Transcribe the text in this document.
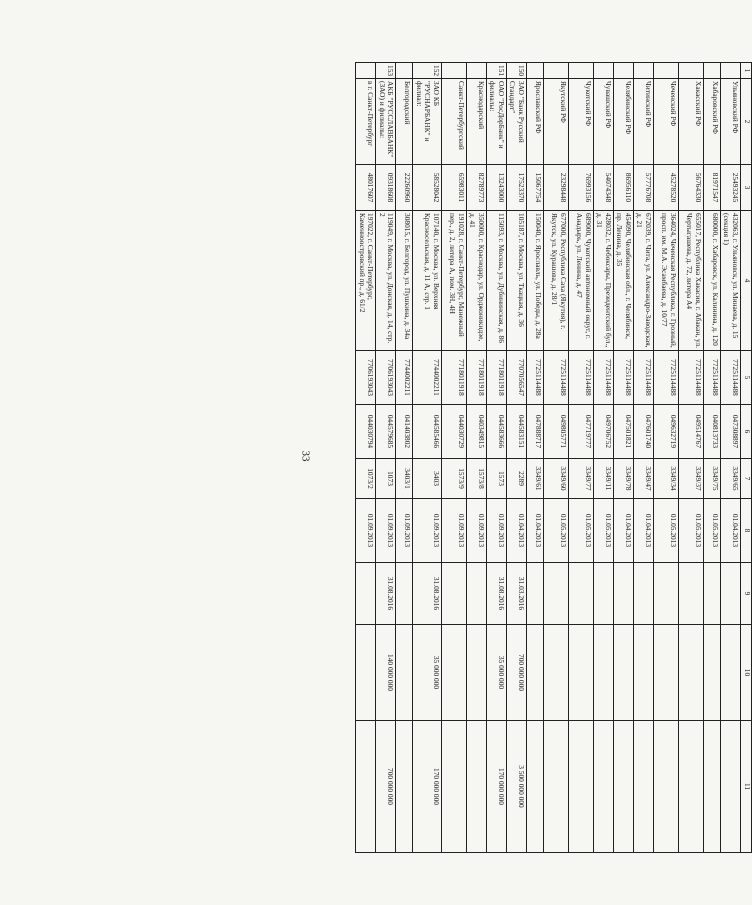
33
1	2	3	4	5	6	7	8	9	10	11
	Ульяновский РФ	25493245	432063, г. Ульяновск, ул. Минаева, д. 15 (секция 1)	7725114488	047308897	3349/65	01.04.2013			
	Хабаровский РФ	81971547	680000, г. Хабаровск, ул. Калинина, д. 120	7725114488	040813733	3349/75	01.05.2013			
	Хакасский РФ	56764330	655017, Республика Хакасия, г. Абакан, ул. Чертыгашева, д. 72, литера А4	7725114488	049514767	3349/37	01.05.2013			
	Чеченский РФ	45278520	364024, Чеченская Республика, г. Грозный, просп. им. М.А. Эсамбаева, д. 10/77	7725114488	049632719	3349/34	01.05.2013			
	Читинский РФ	57776708	672039, г. Чита, ул. Александро-Заводская, д. 21	7725114488	047601740	3349/47	01.04.2013			
	Челябинский РФ	86956110	454090, Челябинская обл., г. Челябинск, пр. Ленина, д. 35	7725114488	047501821	3349/78	01.04.2013			
	Чувашский РФ	54074348	428032, г. Чебоксары, Президентский бул., д. 31	7725114488	049706752	3349/11	01.05.2013			
	Чукотский РФ	76993156	689000, Чукотский автономный округ, г. Анадырь, ул. Ленина, д. 47	7725114488	047719777	3349/77	01.05.2013			
	Якутский РФ	23298448	677000, Республика Саха (Якутия), г. Якутск, ул. Курашова, д. 28/1	7725114488	049805771	3349/60	01.05.2013			
	Ярославский РФ	15067754	150040, г. Ярославль, ул. Победы, д. 28а	7725114488	047888717	3349/61	01.04.2013			
150	ЗАО "Банк Русский Стандарт"	17523370	105187, г. Москва, ул. Ткацкая, д. 36	7707056547	044583151	2289	01.04.2013	31.03.2016	700 000 000	3 500 000 000
151	ОАО "РосДорБанк" и филиалы:	13243000	115093, г. Москва, ул. Дубининская, д. 86	7718011918	044583666	1573	01.09.2013	31.08.2016	35 000 000	170 000 000
	Краснодарский	82789773	350000, г. Краснодар, ул. Орджоникидзе, д. 41	7718011918	040349815	1573/8	01.09.2013			
	Санкт-Петербургский	65983011	191028, г. Санкт-Петербург, Манежный пер., д. 2, литера А, пом. 3Н, 4Н	7718011918	044030729	1573/9	01.09.2013			
152	ЗАО КБ "РУСНАРБАНК" и филиал:	58528042	107140, г. Москва, ул. Верхняя Красносельская, д. 11 А, стр. 1	7744002211	044585466	3403	01.09.2013	31.08.2016	35 000 000	170 000 000
	Белгородский	22260960	308015, г. Белгород, ул. Пушкина, д. 34а	7744002211	041403802	3403/1	01.09.2013			
153	АКБ "РУССЛАВБАНК" (ЗАО) и филиалы:	09318608	119049, г. Москва, ул. Донская, д. 14, стр. 2	7706193043	044579685	1073	01.09.2013	31.08.2016	140 000 000	700 000 000
	в г. Санкт-Петербург	48017607	197022, г. Санкт-Петербург, Каменноостровский пр., д. 61/2	7706193043	044030794	1073/2	01.09.2013			
